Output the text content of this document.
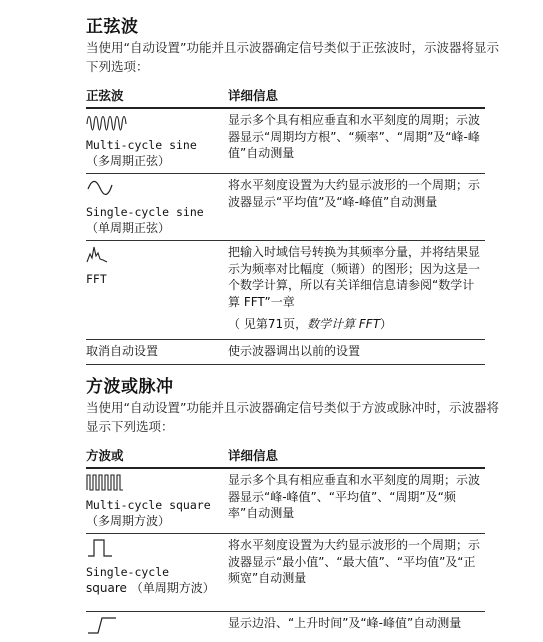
正弦波
当使用“自动设置”功能并且示波器确定信号类似于正弦波时，示波器将显示下列选项：
正弦波	详细信息

Multi-cycle sine
（多周期正弦）	显示多个具有相应垂直和水平刻度的周期；示波器显示“周期均方根”、“频率”、“周期”及“峰-峰值”自动测量

Single-cycle sine
（单周期正弦）	将水平刻度设置为大约显示波形的一个周期；示波器显示“平均值”及“峰-峰值”自动测量

FFT	把输入时域信号转换为其频率分量，并将结果显示为频率对比幅度（频谱）的图形；因为这是一个数学计算，所以有关详细信息请参阅“数学计算 FFT”一章
（ 见第71页，数学计算 FFT）

取消自动设置	使示波器调出以前的设置
方波或脉冲
当使用“自动设置”功能并且示波器确定信号类似于方波或脉冲时，示波器将显示下列选项：
方波或	详细信息

Multi-cycle square
（多周期方波）	显示多个具有相应垂直和水平刻度的周期；示波器显示“峰-峰值”、“平均值”、“周期”及“频率”自动测量

Single-cycle
square （单周期方波）	将水平刻度设置为大约显示波形的一个周期；示波器显示“最小值”、“最大值”、“平均值”及“正频宽”自动测量

	显示边沿、“上升时间”及“峰-峰值”自动测量
